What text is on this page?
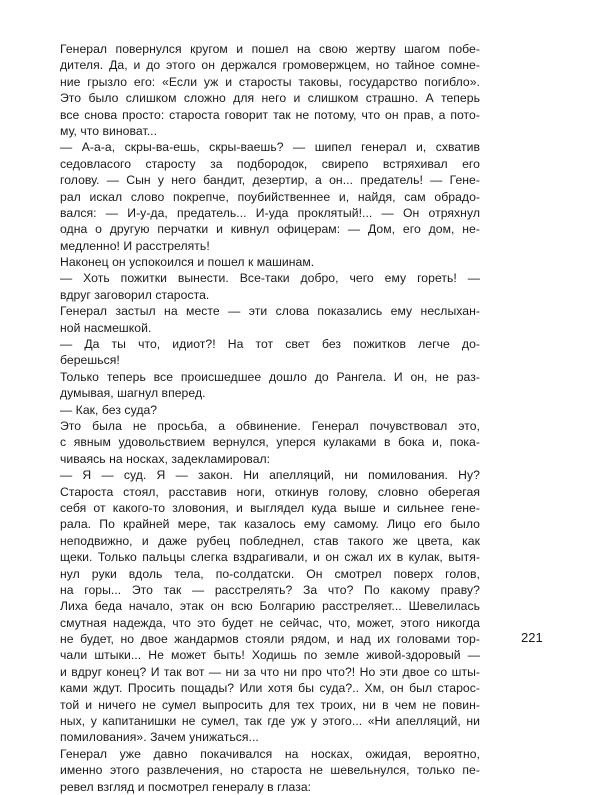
Генерал повернулся кругом и пошел на свою жертву шагом побе-
дителя. Да, и до этого он держался громовержцем, но тайное сомне-
ние грызло его: «Если уж и старосты таковы, государство погибло».
Это было слишком сложно для него и слишком страшно. А теперь
все снова просто: староста говорит так не потому, что он прав, а пото-
му, что виноват...
— А-а-а, скры-ва-ешь, скры-ваешь? — шипел генерал и, схватив
седовласого старосту за подбородок, свирепо встряхивал его
голову. — Сын у него бандит, дезертир, а он... предатель! — Гене-
рал искал слово покрепче, поубийственнее и, найдя, сам обрадо-
вался: — И-у-да, предатель... И-уда проклятый!... — Он отряхнул
одна о другую перчатки и кивнул офицерам: — Дом, его дом, не-
медленно! И расстрелять!
Наконец он успокоился и пошел к машинам.
— Хоть пожитки вынести. Все-таки добро, чего ему гореть! —
вдруг заговорил староста.
Генерал застыл на месте — эти слова показались ему неслыхан-
ной насмешкой.
— Да ты что, идиот?! На тот свет без пожитков легче до-
берешься!
Только теперь все происшедшее дошло до Рангела. И он, не раз-
думывая, шагнул вперед.
— Как, без суда?
Это была не просьба, а обвинение. Генерал почувствовал это,
с явным удовольствием вернулся, уперся кулаками в бока и, пока-
чиваясь на носках, задекламировал:
— Я — суд. Я — закон. Ни апелляций, ни помилования. Ну?
Староста стоял, расставив ноги, откинув голову, словно оберегая
себя от какого-то зловония, и выглядел куда выше и сильнее гене-
рала. По крайней мере, так казалось ему самому. Лицо его было
неподвижно, и даже рубец побледнел, став такого же цвета, как
щеки. Только пальцы слегка вздрагивали, и он сжал их в кулак, вытя-
нул руки вдоль тела, по-солдатски. Он смотрел поверх голов,
на горы... Это так — расстрелять? За что? По какому праву?
Лиха беда начало, этак он всю Болгарию расстреляет... Шевелилась
смутная надежда, что это будет не сейчас, что, может, этого никогда
не будет, но двое жандармов стояли рядом, и над их головами тор-
чали штыки... Не может быть! Ходишь по земле живой-здоровый —
и вдруг конец? И так вот — ни за что ни про что?! Но эти двое со шты-
ками ждут. Просить пощады? Или хотя бы суда?.. Хм, он был старос-
той и ничего не сумел выпросить для тех троих, ни в чем не повин-
ных, у капитанишки не сумел, так где уж у этого... «Ни апелляций, ни
помилования». Зачем унижаться...
Генерал уже давно покачивался на носках, ожидая, вероятно,
именно этого развлечения, но староста не шевельнулся, только пе-
ревел взгляд и посмотрел генералу в глаза:
221
